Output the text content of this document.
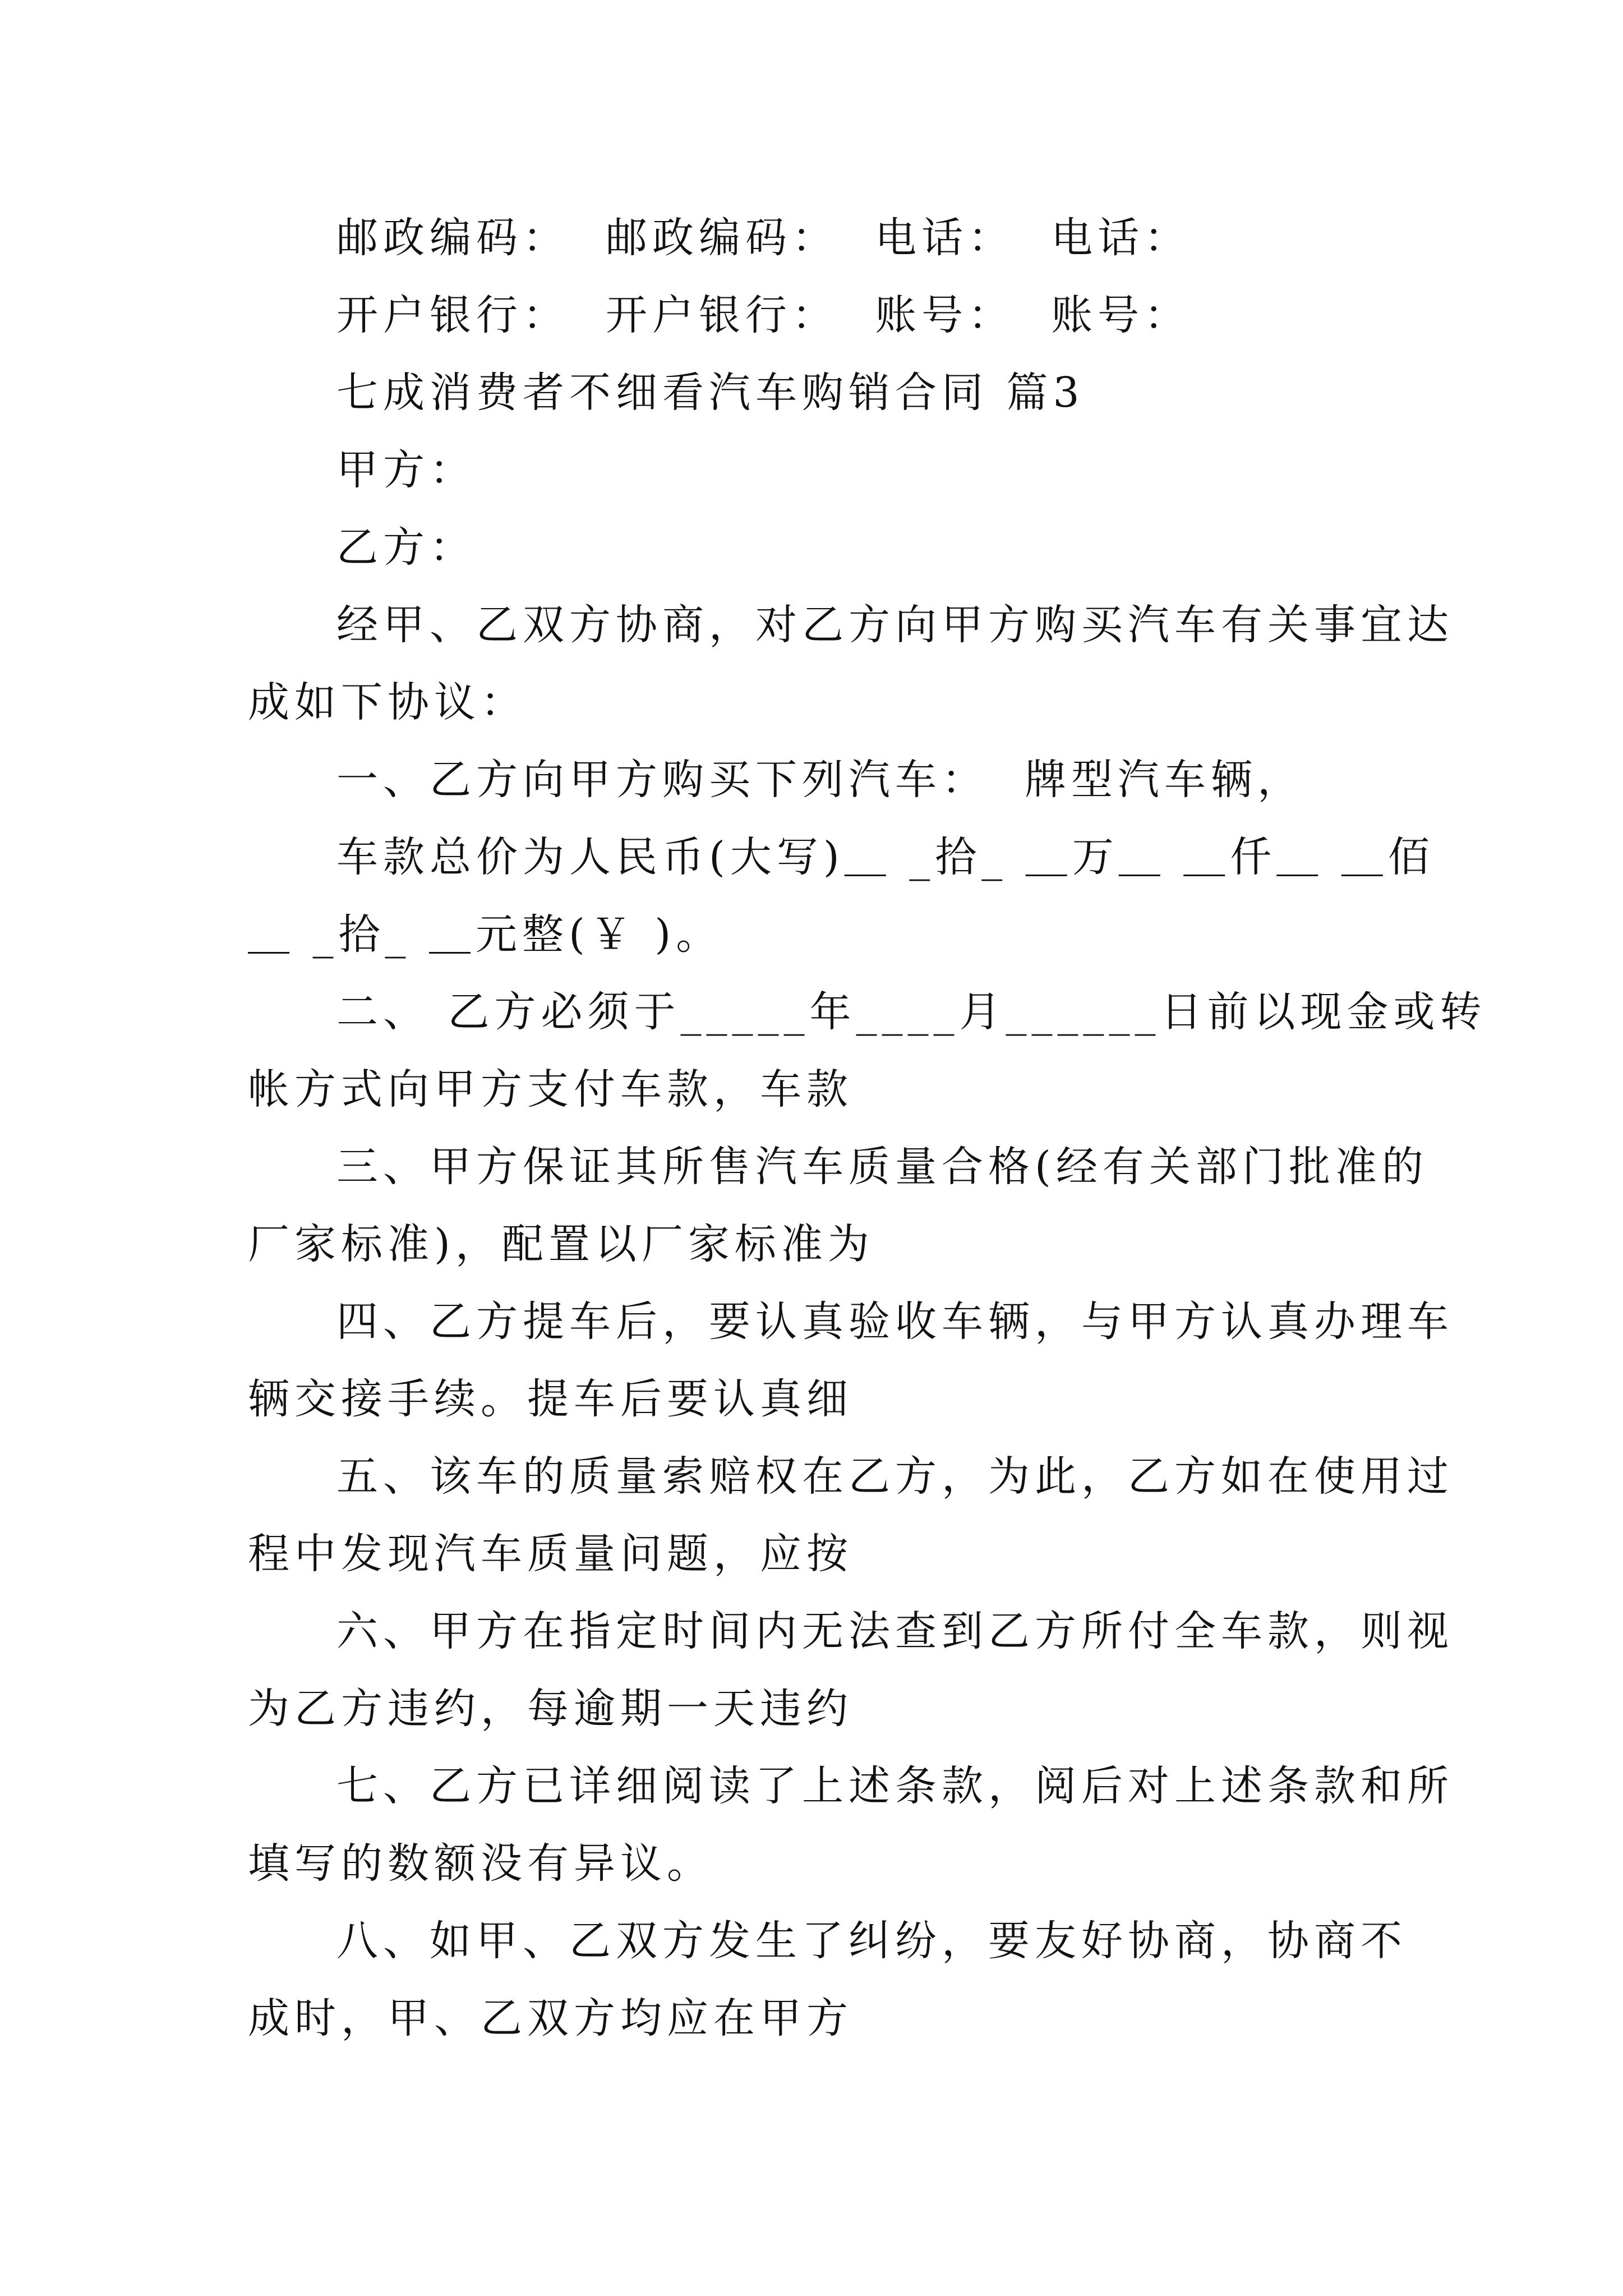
邮政编码：  邮政编码：  电话：  电话：
开户银行：  开户银行：  账号：  账号：
七成消费者不细看汽车购销合同 篇3
甲方：
乙方：
经甲、乙双方协商，对乙方向甲方购买汽车有关事宜达
成如下协议：
一、乙方向甲方购买下列汽车：  牌型汽车辆，
车款总价为人民币(大写)＿ _拾_ ＿万＿ ＿仟＿ ＿佰
＿ _拾_ ＿元整(￥ )。
二、 乙方必须于_____年____月______日前以现金或转
帐方式向甲方支付车款，车款
三、甲方保证其所售汽车质量合格(经有关部门批准的
厂家标准)，配置以厂家标准为
四、乙方提车后，要认真验收车辆，与甲方认真办理车
辆交接手续。提车后要认真细
五、该车的质量索赔权在乙方，为此，乙方如在使用过
程中发现汽车质量问题，应按
六、甲方在指定时间内无法查到乙方所付全车款，则视
为乙方违约，每逾期一天违约
七、乙方已详细阅读了上述条款，阅后对上述条款和所
填写的数额没有异议。
八、如甲、乙双方发生了纠纷，要友好协商，协商不
成时，甲、乙双方均应在甲方
